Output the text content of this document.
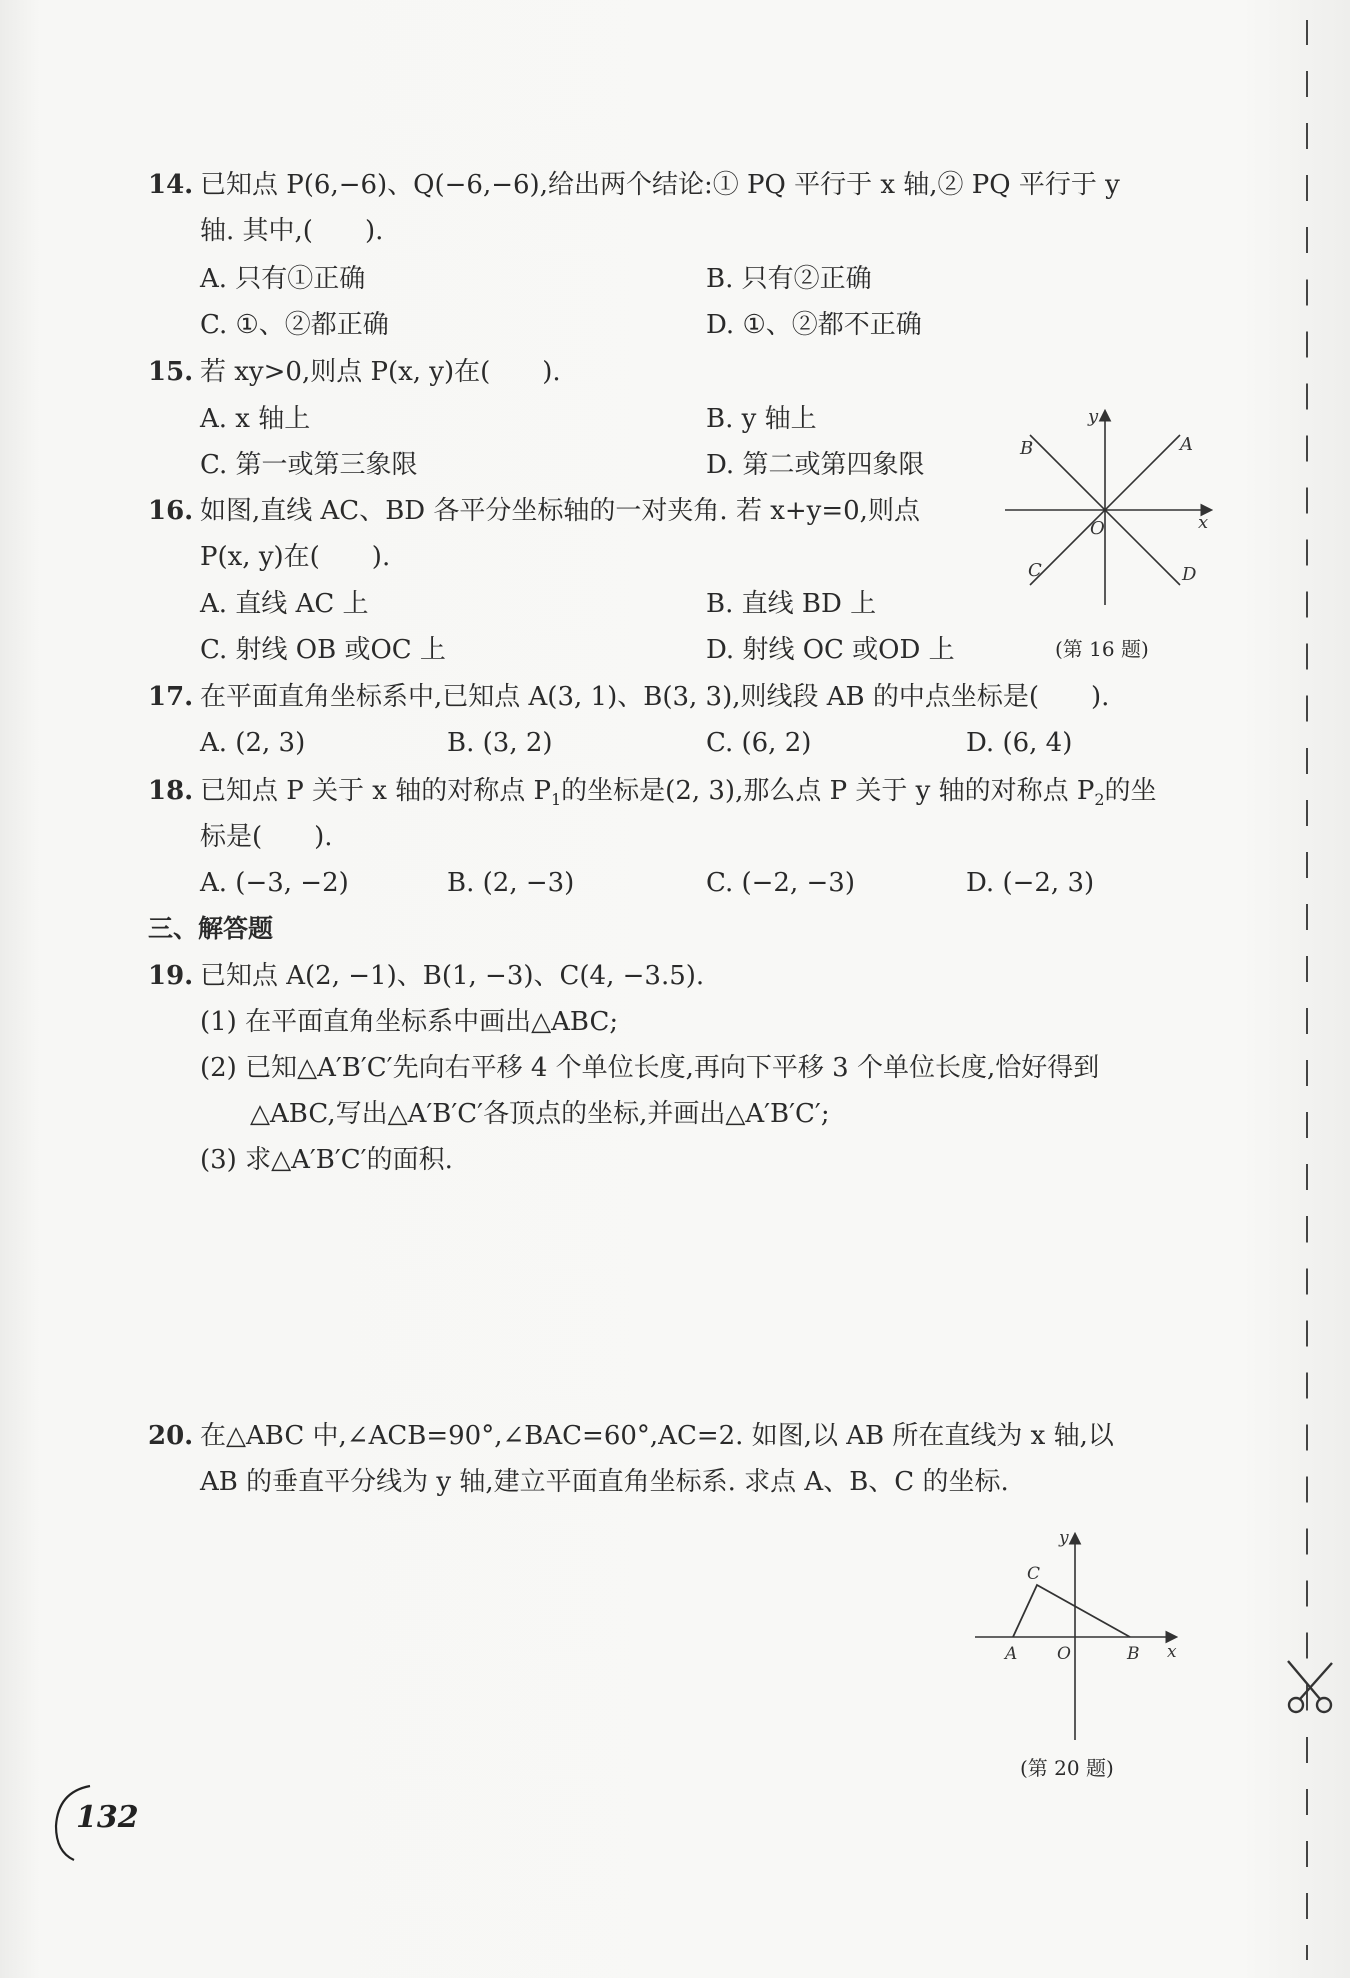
14. 已知点 P(6,−6)、Q(−6,−6),给出两个结论:① PQ 平行于 x 轴,② PQ 平行于 y
轴. 其中,(　　).
A. 只有①正确	B. 只有②正确
C. ①、②都正确	D. ①、②都不正确
15. 若 xy>0,则点 P(x, y)在(　　).
A. x 轴上	B. y 轴上
C. 第一或第三象限	D. 第二或第四象限
16. 如图,直线 AC、BD 各平分坐标轴的一对夹角. 若 x+y=0,则点
P(x, y)在(　　).
A. 直线 AC 上	B. 直线 BD 上
C. 射线 OB 或OC 上	D. 射线 OC 或OD 上
y
x
O
A
B
C	D
(第 16 题)
17. 在平面直角坐标系中,已知点 A(3, 1)、B(3, 3),则线段 AB 的中点坐标是(　　).
A. (2, 3)	B. (3, 2)	C. (6, 2)	D. (6, 4)
18. 已知点 P 关于 x 轴的对称点 $P_1$的坐标是(2, 3),那么点 P 关于 y 轴的对称点 $P_2$的坐
标是(　　).
A. (−3, −2)	B. (2, −3)	C. (−2, −3)	D. (−2, 3)
三、解答题
19. 已知点 A(2, −1)、B(1, −3)、C(4, −3.5).
(1) 在平面直角坐标系中画出△ABC;
(2) 已知△A′B′C′先向右平移 4 个单位长度,再向下平移 3 个单位长度,恰好得到
△ABC,写出△A′B′C′各顶点的坐标,并画出△A′B′C′;
(3) 求△A′B′C′的面积.
20. 在△ABC 中,∠ACB=90°,∠BAC=60°,AC=2. 如图,以 AB 所在直线为 x 轴,以
AB 的垂直平分线为 y 轴,建立平面直角坐标系. 求点 A、B、C 的坐标.
y
x
O
A	B
C
(第 20 题)
132
